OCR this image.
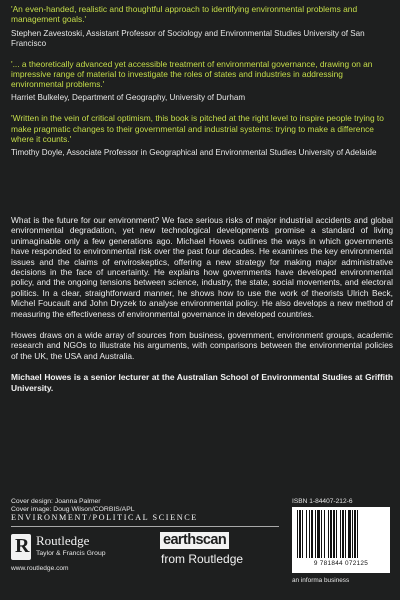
'An even-handed, realistic and thoughtful approach to identifying environmental problems and management goals.'

Stephen Zavestoski, Assistant Professor of Sociology and Environmental Studies University of San Francisco

'... a theoretically advanced yet accessible treatment of environmental governance, drawing on an impressive range of material to investigate the roles of states and industries in addressing environmental problems.'

Harriet Bulkeley, Department of Geography, University of Durham

'Written in the vein of critical optimism, this book is pitched at the right level to inspire people trying to make pragmatic changes to their governmental and industrial systems: trying to make a difference where it counts.'

Timothy Doyle, Associate Professor in Geographical and Environmental Studies University of Adelaide

What is the future for our environment? We face serious risks of major industrial accidents and global environmental degradation, yet new technological developments promise a standard of living unimaginable only a few generations ago. Michael Howes outlines the ways in which governments have responded to environmental risk over the past four decades. He examines the key environmental issues and the claims of enviroskeptics, offering a new strategy for making major administrative decisions in the face of uncertainty. He explains how governments have developed environmental policy, and the ongoing tensions between science, industry, the state, social movements, and electoral politics. In a clear, straightforward manner, he shows how to use the work of theorists Ulrich Beck, Michel Foucault and John Dryzek to analyse environmental policy. He also develops a new method of measuring the effectiveness of environmental governance in developed countries.

Howes draws on a wide array of sources from business, government, environment groups, academic research and NGOs to illustrate his arguments, with comparisons between the environmental policies of the UK, the USA and Australia.

Michael Howes is a senior lecturer at the Australian School of Environmental Studies at Griffith University.

Cover design: Joanna Palmer
Cover image: Doug Wilson/CORBIS/APL
ISBN 1-84407-212-6
ENVIRONMENT/POLITICAL SCIENCE
R Routledge
Taylor & Francis Group
www.routledge.com
earthscan
from Routledge	9 781844 072125
an informa business
